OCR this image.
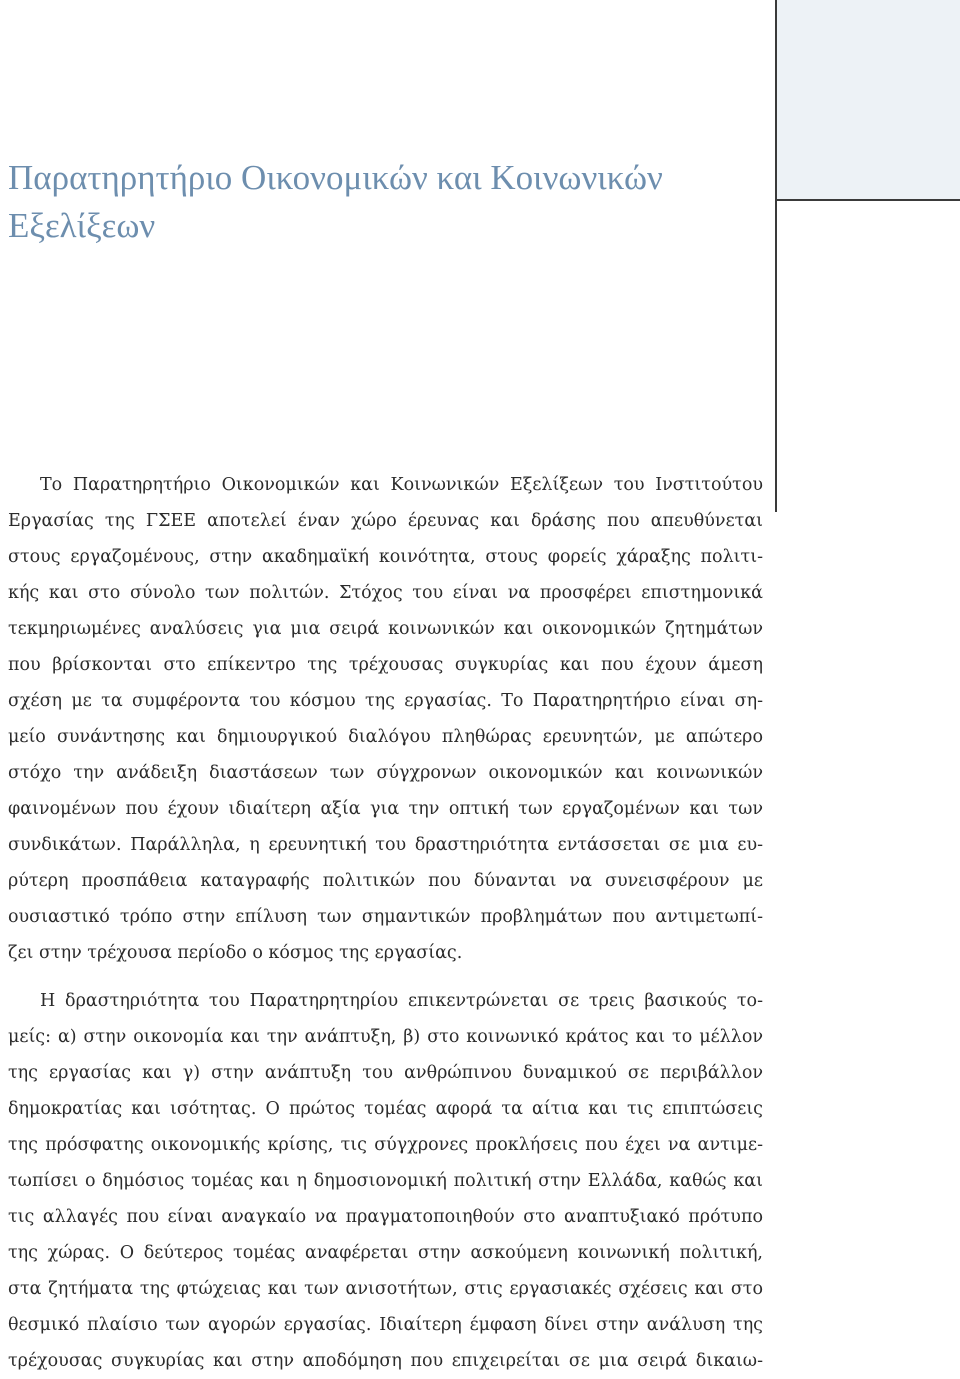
Παρατηρητήριο Οικονομικών και Κοινωνικών
Εξελίξεων

Το Παρατηρητήριο Οικονομικών και Κοινωνικών Εξελίξεων του Ινστιτούτου
Εργασίας της ΓΣΕΕ αποτελεί έναν χώρο έρευνας και δράσης που απευθύνεται
στους εργαζομένους, στην ακαδημαϊκή κοινότητα, στους φορείς χάραξης πολιτι-
κής και στο σύνολο των πολιτών. Στόχος του είναι να προσφέρει επιστημονικά
τεκμηριωμένες αναλύσεις για μια σειρά κοινωνικών και οικονομικών ζητημάτων
που βρίσκονται στο επίκεντρο της τρέχουσας συγκυρίας και που έχουν άμεση
σχέση με τα συμφέροντα του κόσμου της εργασίας. Το Παρατηρητήριο είναι ση-
μείο συνάντησης και δημιουργικού διαλόγου πληθώρας ερευνητών, με απώτερο
στόχο την ανάδειξη διαστάσεων των σύγχρονων οικονομικών και κοινωνικών
φαινομένων που έχουν ιδιαίτερη αξία για την οπτική των εργαζομένων και των
συνδικάτων. Παράλληλα, η ερευνητική του δραστηριότητα εντάσσεται σε μια ευ-
ρύτερη προσπάθεια καταγραφής πολιτικών που δύνανται να συνεισφέρουν με
ουσιαστικό τρόπο στην επίλυση των σημαντικών προβλημάτων που αντιμετωπί-
ζει στην τρέχουσα περίοδο ο κόσμος της εργασίας.

Η δραστηριότητα του Παρατηρητηρίου επικεντρώνεται σε τρεις βασικούς το-
μείς: α) στην οικονομία και την ανάπτυξη, β) στο κοινωνικό κράτος και το μέλλον
της εργασίας και γ) στην ανάπτυξη του ανθρώπινου δυναμικού σε περιβάλλον
δημοκρατίας και ισότητας. Ο πρώτος τομέας αφορά τα αίτια και τις επιπτώσεις
της πρόσφατης οικονομικής κρίσης, τις σύγχρονες προκλήσεις που έχει να αντιμε-
τωπίσει ο δημόσιος τομέας και η δημοσιονομική πολιτική στην Ελλάδα, καθώς και
τις αλλαγές που είναι αναγκαίο να πραγματοποιηθούν στο αναπτυξιακό πρότυπο
της χώρας. Ο δεύτερος τομέας αναφέρεται στην ασκούμενη κοινωνική πολιτική,
στα ζητήματα της φτώχειας και των ανισοτήτων, στις εργασιακές σχέσεις και στο
θεσμικό πλαίσιο των αγορών εργασίας. Ιδιαίτερη έμφαση δίνει στην ανάλυση της
τρέχουσας συγκυρίας και στην αποδόμηση που επιχειρείται σε μια σειρά δικαιω-
